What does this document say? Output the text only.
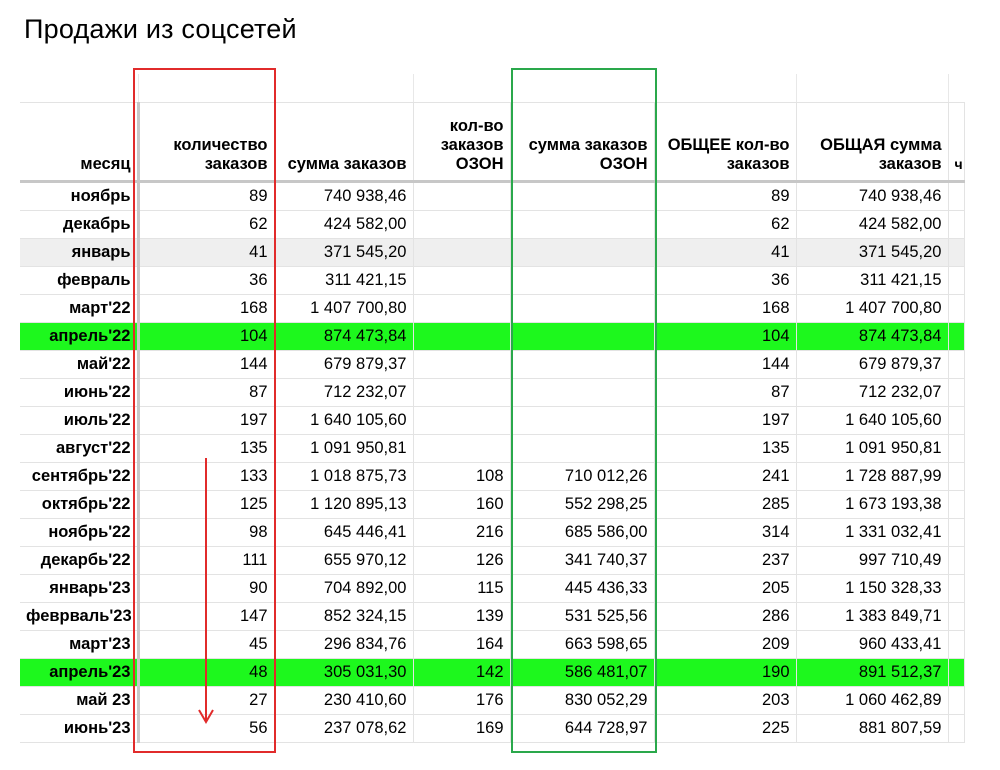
Продажи из соцсетей
месяц	количество заказов	сумма заказов	кол-во заказов ОЗОН	сумма заказов ОЗОН	ОБЩЕЕ кол-во заказов	ОБЩАЯ сумма заказов	ч
ноябрь	89	740 938,46			89	740 938,46	
декабрь	62	424 582,00			62	424 582,00	
январь	41	371 545,20			41	371 545,20	
февраль	36	311 421,15			36	311 421,15	
март'22	168	1 407 700,80			168	1 407 700,80	
апрель'22	104	874 473,84			104	874 473,84	
май'22	144	679 879,37			144	679 879,37	
июнь'22	87	712 232,07			87	712 232,07	
июль'22	197	1 640 105,60			197	1 640 105,60	
август'22	135	1 091 950,81			135	1 091 950,81	
сентябрь'22	133	1 018 875,73	108	710 012,26	241	1 728 887,99	
октябрь'22	125	1 120 895,13	160	552 298,25	285	1 673 193,38	
ноябрь'22	98	645 446,41	216	685 586,00	314	1 331 032,41	
декарбь'22	111	655 970,12	126	341 740,37	237	997 710,49	
январь'23	90	704 892,00	115	445 436,33	205	1 150 328,33	
феврваль'23	147	852 324,15	139	531 525,56	286	1 383 849,71	
март'23	45	296 834,76	164	663 598,65	209	960 433,41	
апрель'23	48	305 031,30	142	586 481,07	190	891 512,37	
май 23	27	230 410,60	176	830 052,29	203	1 060 462,89	
июнь'23	56	237 078,62	169	644 728,97	225	881 807,59	
